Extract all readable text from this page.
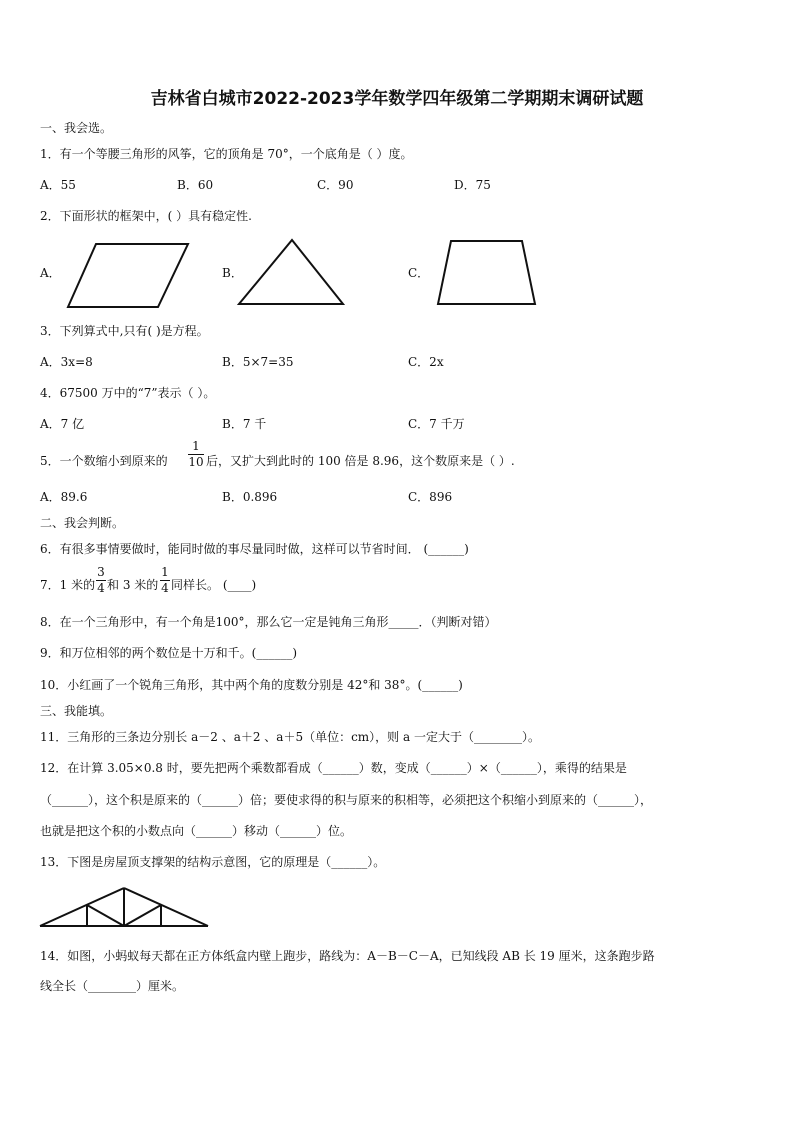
吉林省白城市2022-2023学年数学四年级第二学期期末调研试题
一、我会选。
1．有一个等腰三角形的风筝，它的顶角是 70°，一个底角是（ ）度。
A．55	B．60	C．90	D．75
2．下面形状的框架中，( ）具有稳定性.
A．	B．	C．
3．下列算式中,只有( )是方程。
A．3x=8	B．5×7=35	C．2x
4．67500 万中的“7”表示（ ）。
A．7 亿	B．7 千	C．7 千万
5．一个数缩小到原来的
1
10 后，又扩大到此时的 100 倍是 8.96，这个数原来是（ ）.
A．89.6	B．0.896	C．896
二、我会判断。
6．有很多事情要做时，能同时做的事尽量同时做，这样可以节省时间． (______)
7．1 米的
3
4 和 3 米的
1
4 同样长。 (____)
8．在一个三角形中，有一个角是100°，那么它一定是钝角三角形_____．（判断对错）
9．和万位相邻的两个数位是十万和千。(______)
10．小红画了一个锐角三角形，其中两个角的度数分别是 42°和 38°。(______)
三、我能填。
11．三角形的三条边分别长 a－2 、a＋2 、a＋5（单位：cm），则 a 一定大于（________）。
12．在计算 3.05×0.8 时，要先把两个乘数都看成（______）数，变成（______）×（______），乘得的结果是
（______），这个积是原来的（______）倍；要使求得的积与原来的积相等，必须把这个积缩小到原来的（______），
也就是把这个积的小数点向（______）移动（______）位。
13．下图是房屋顶支撑架的结构示意图，它的原理是（______）。
14．如图，小蚂蚁每天都在正方体纸盒内壁上跑步，路线为：A－B－C－A，已知线段 AB 长 19 厘米，这条跑步路
线全长（________）厘米。
